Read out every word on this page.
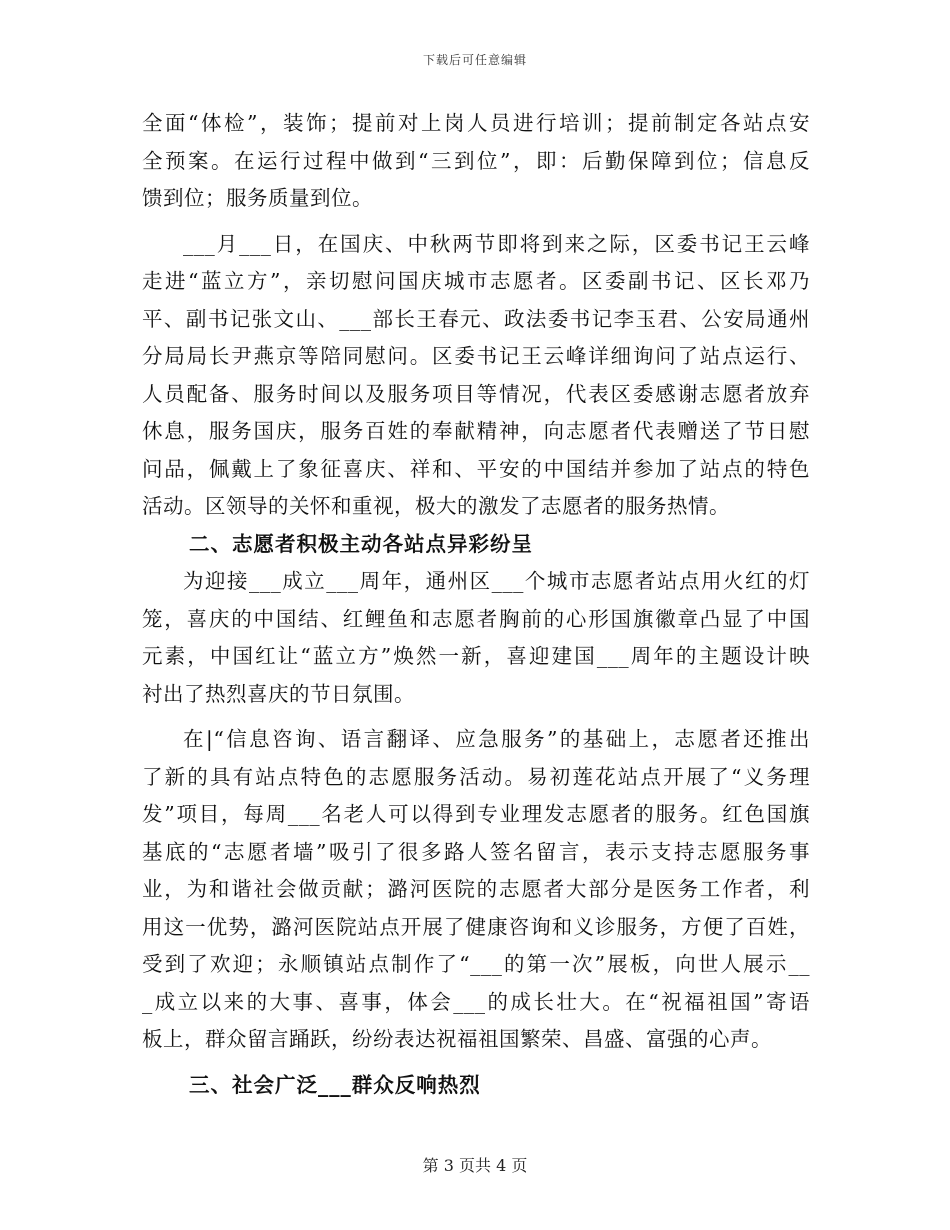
下载后可任意编辑
全面“体检”，装饰；提前对上岗人员进行培训；提前制定各站点安
全预案。在运行过程中做到“三到位”，即：后勤保障到位；信息反
馈到位；服务质量到位。
___月___日，在国庆、中秋两节即将到来之际，区委书记王云峰
走进“蓝立方”，亲切慰问国庆城市志愿者。区委副书记、区长邓乃
平、副书记张文山、___部长王春元、政法委书记李玉君、公安局通州
分局局长尹燕京等陪同慰问。区委书记王云峰详细询问了站点运行、
人员配备、服务时间以及服务项目等情况，代表区委感谢志愿者放弃
休息，服务国庆，服务百姓的奉献精神，向志愿者代表赠送了节日慰
问品，佩戴上了象征喜庆、祥和、平安的中国结并参加了站点的特色
活动。区领导的关怀和重视，极大的激发了志愿者的服务热情。
二、志愿者积极主动各站点异彩纷呈
为迎接___成立___周年，通州区___个城市志愿者站点用火红的灯
笼，喜庆的中国结、红鲤鱼和志愿者胸前的心形国旗徽章凸显了中国
元素，中国红让“蓝立方”焕然一新，喜迎建国___周年的主题设计映
衬出了热烈喜庆的节日氛围。
在|“信息咨询、语言翻译、应急服务”的基础上，志愿者还推出
了新的具有站点特色的志愿服务活动。易初莲花站点开展了“义务理
发”项目，每周___名老人可以得到专业理发志愿者的服务。红色国旗
基底的“志愿者墙”吸引了很多路人签名留言，表示支持志愿服务事
业，为和谐社会做贡献；潞河医院的志愿者大部分是医务工作者，利
用这一优势，潞河医院站点开展了健康咨询和义诊服务，方便了百姓，
受到了欢迎；永顺镇站点制作了“___的第一次”展板，向世人展示__
_成立以来的大事、喜事，体会___的成长壮大。在“祝福祖国”寄语
板上，群众留言踊跃，纷纷表达祝福祖国繁荣、昌盛、富强的心声。
三、社会广泛___群众反响热烈
第 3 页共 4 页
